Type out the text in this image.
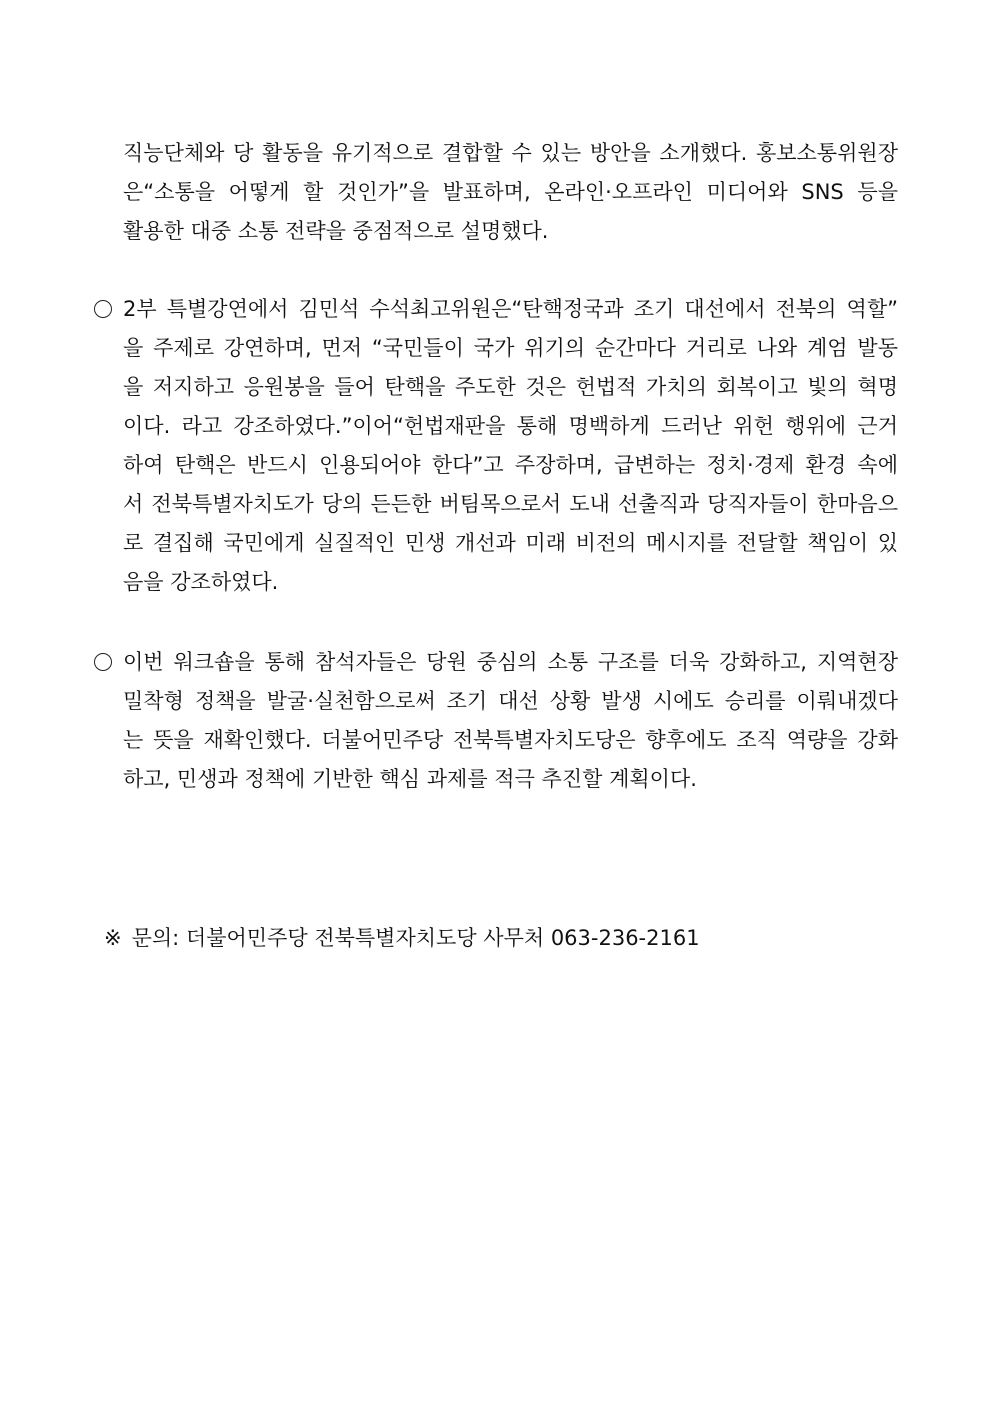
직능단체와 당 활동을 유기적으로 결합할 수 있는 방안을 소개했다. 홍보소통위원장
은“소통을 어떻게 할 것인가”을 발표하며, 온라인·오프라인 미디어와 SNS 등을
활용한 대중 소통 전략을 중점적으로 설명했다.
2부 특별강연에서 김민석 수석최고위원은“탄핵정국과 조기 대선에서 전북의 역할”
을 주제로 강연하며, 먼저 “국민들이 국가 위기의 순간마다 거리로 나와 계엄 발동
을 저지하고 응원봉을 들어 탄핵을 주도한 것은 헌법적 가치의 회복이고 빛의 혁명
이다. 라고 강조하였다.”이어“헌법재판을 통해 명백하게 드러난 위헌 행위에 근거
하여 탄핵은 반드시 인용되어야 한다”고 주장하며, 급변하는 정치·경제 환경 속에
서 전북특별자치도가 당의 든든한 버팀목으로서 도내 선출직과 당직자들이 한마음으
로 결집해 국민에게 실질적인 민생 개선과 미래 비전의 메시지를 전달할 책임이 있
음을 강조하였다.
이번 워크숍을 통해 참석자들은 당원 중심의 소통 구조를 더욱 강화하고, 지역현장
밀착형 정책을 발굴·실천함으로써 조기 대선 상황 발생 시에도 승리를 이뤄내겠다
는 뜻을 재확인했다. 더불어민주당 전북특별자치도당은 향후에도 조직 역량을 강화
하고, 민생과 정책에 기반한 핵심 과제를 적극 추진할 계획이다.
※ 문의: 더불어민주당 전북특별자치도당 사무처 063-236-2161
